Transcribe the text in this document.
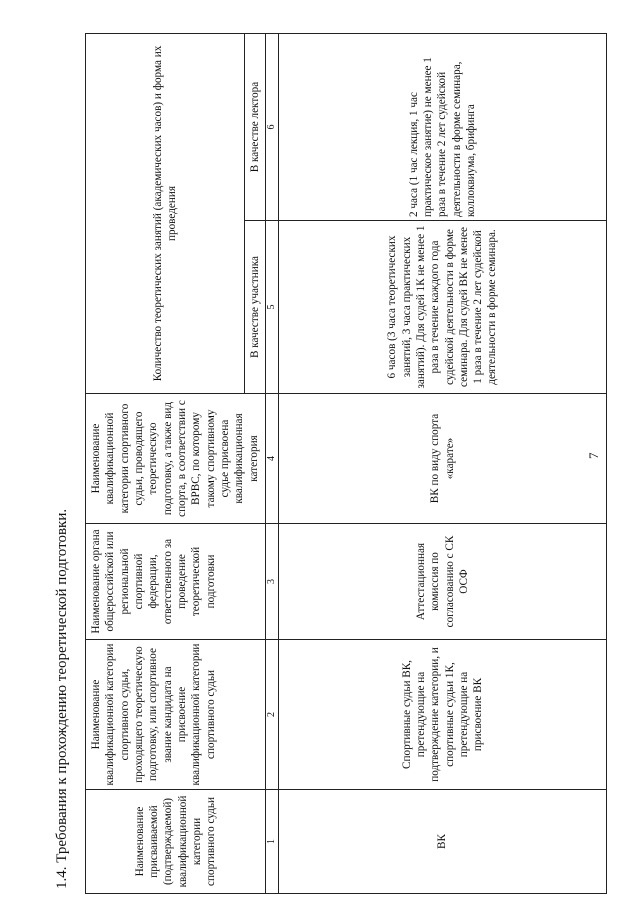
7
1.4. Требования к прохождению теоретической подготовки.	Наименование присваиваемой (подтверждаемой) квалификационной категории спортивного судьи	Наименование квалификационной категории спортивного судьи, проходящего теоретическую подготовку, или спортивное звание кандидата на присвоение квалификационной категории спортивного судьи	Наименование органа общероссийской или региональной спортивной федерации, ответственного за проведение теоретической подготовки	Наименование квалификационной категории спортивного судьи, проводящего теоретическую подготовку, а также вид спорта, в соответствии с ВРВС, по которому такому спортивному судье присвоена квалификационная категория	Количество теоретических занятий (академических часов) и форма их проведения	
				В качестве участника	В качестве лектора
1	2	3	4	5	6
ВК	Спортивные судьи ВК, претендующие на подтверждение категории, и спортивные судьи 1К, претендующие на присвоение ВК	Аттестационная комиссия по согласованию с СК ОСФ	ВК по виду спорта «карате»	6 часов (3 часа теоретических занятий, 3 часа практических занятий). Для судей 1К не менее 1 раза в течение каждого года судейской деятельности в форме семинара. Для судей ВК не менее 1 раза в течение 2 лет судейской деятельности в форме семинара.	2 часа (1 час лекция, 1 час практическое занятие) не менее 1 раза в течение 2 лет судейской деятельности в форме семинара, коллоквиума, брифинга
